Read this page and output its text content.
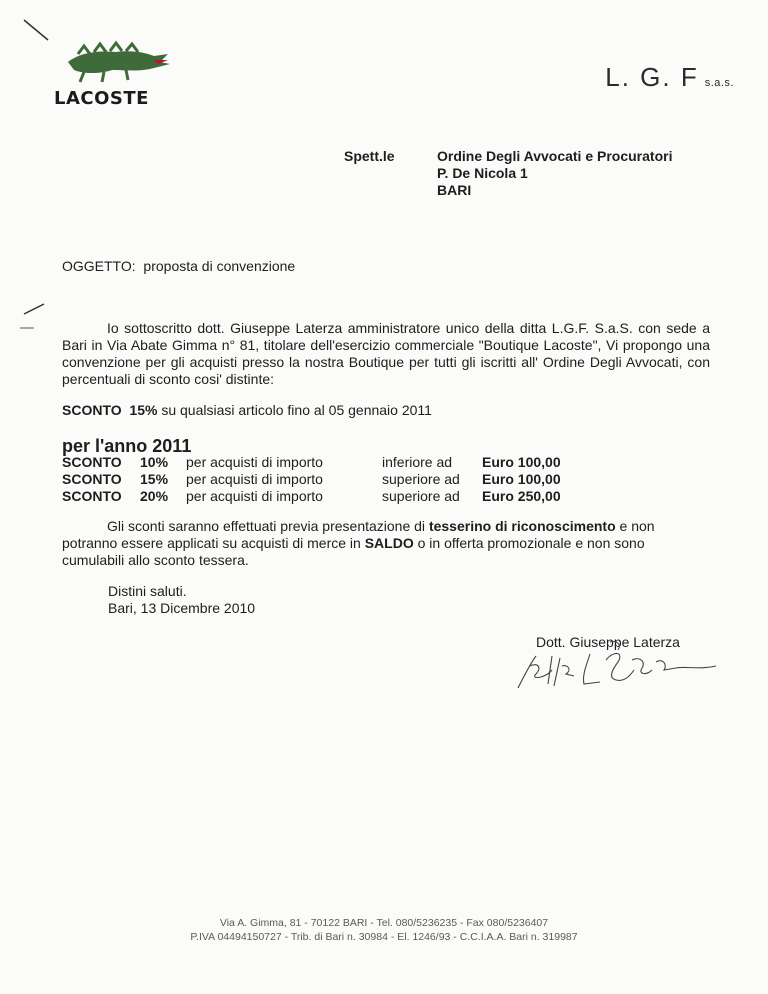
LACOSTE
L. G. F s.a.s.
Spett.le	Ordine Degli Avvocati e Procuratori
P. De Nicola 1
BARI
OGGETTO:  proposta di convenzione
Io sottoscritto dott. Giuseppe Laterza amministratore unico della ditta L.G.F. S.a.S. con sede a Bari in Via Abate Gimma n° 81, titolare dell'esercizio commerciale "Boutique Lacoste", Vi propongo una convenzione per gli acquisti presso la nostra Boutique per tutti gli iscritti all' Ordine Degli Avvocati, con percentuali di sconto cosi' distinte:
SCONTO 15% su qualsiasi articolo fino al 05 gennaio 2011
per l'anno 2011
SCONTO 10% per acquisti di importo	inferiore ad Euro 100,00
SCONTO 15% per acquisti di importo	superiore ad Euro 100,00
SCONTO 20% per acquisti di importo	superiore ad Euro 250,00
Gli sconti saranno effettuati previa presentazione di tesserino di riconoscimento e non potranno essere applicati su acquisti di merce in SALDO o in offerta promozionale e non sono cumulabili allo sconto tessera.
Distini saluti.
Bari, 13 Dicembre 2010
Dott. Giuseppe Laterza
Via A. Gimma, 81 - 70122 BARI - Tel. 080/5236235 - Fax 080/5236407
P.IVA 04494150727 - Trib. di Bari n. 30984 - El. 1246/93 - C.C.I.A.A. Bari n. 319987
